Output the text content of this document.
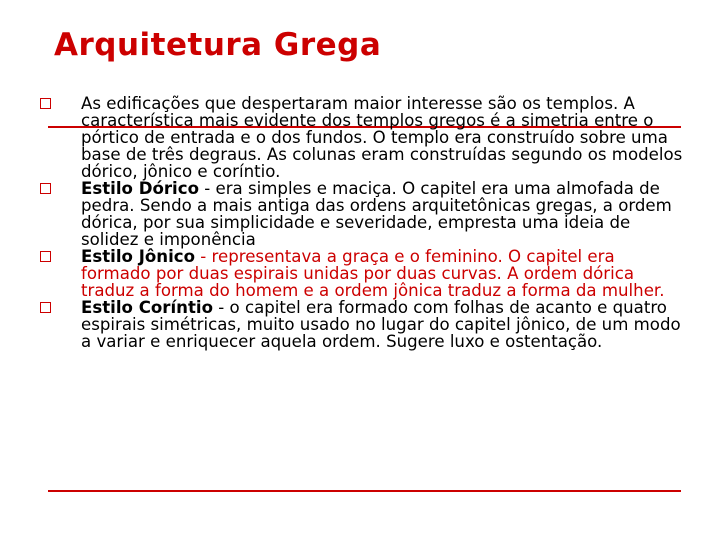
Arquitetura Grega
As edificações que despertaram maior interesse são os templos. A característica mais evidente dos templos gregos é a simetria entre o pórtico de entrada e o dos fundos. O templo era construído sobre uma base de três degraus. As colunas eram construídas segundo os modelos dórico, jônico e coríntio.
Estilo Dórico - era simples e maciça. O capitel era uma almofada de pedra. Sendo a mais antiga das ordens arquitetônicas gregas, a ordem dórica, por sua simplicidade e severidade, empresta uma ideia de solidez e imponência
Estilo Jônico - representava a graça e o feminino. O capitel era formado por duas espirais unidas por duas curvas. A ordem dórica traduz a forma do homem e a ordem jônica traduz a forma da mulher.
Estilo Coríntio - o capitel era formado com folhas de acanto e quatro espirais simétricas, muito usado no lugar do capitel jônico, de um modo a variar e enriquecer aquela ordem. Sugere luxo e ostentação.
